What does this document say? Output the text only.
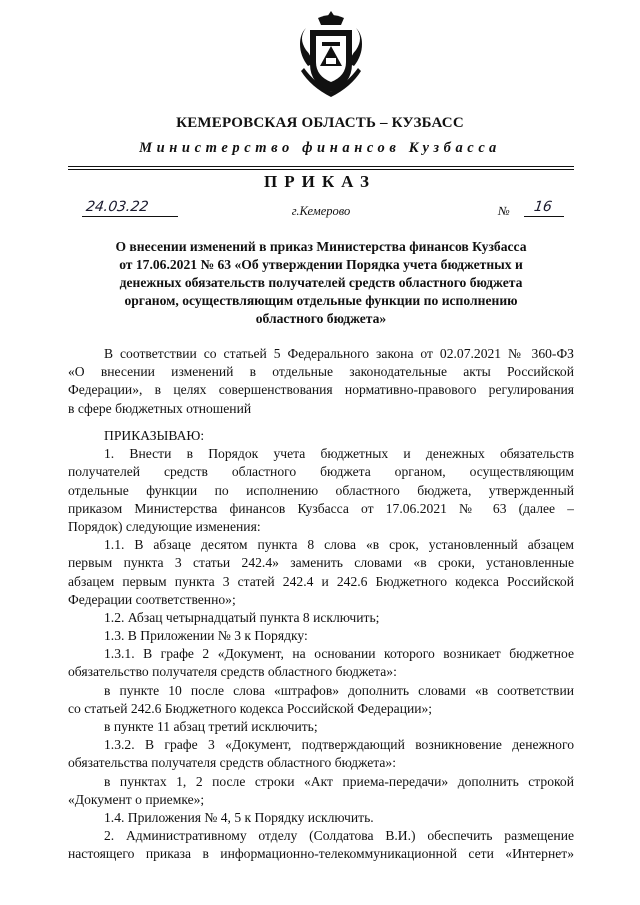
КЕМЕРОВСКАЯ ОБЛАСТЬ – КУЗБАСС
Министерство финансов Кузбасса
ПРИКАЗ
24.03.22	г.Кемерово	№ 16
О внесении изменений в приказ Министерства финансов Кузбасса
от 17.06.2021 № 63 «Об утверждении Порядка учета бюджетных и
денежных обязательств получателей средств областного бюджета
органом, осуществляющим отдельные функции по исполнению
областного бюджета»
В соответствии со статьей 5 Федерального закона от 02.07.2021 № 360-ФЗ
«О внесении изменений в отдельные законодательные акты Российской
Федерации», в целях совершенствования нормативно-правового регулирования
в сфере бюджетных отношений
ПРИКАЗЫВАЮ:
1. Внести в Порядок учета бюджетных и денежных обязательств
получателей средств областного бюджета органом, осуществляющим
отдельные функции по исполнению областного бюджета, утвержденный
приказом Министерства финансов Кузбасса от 17.06.2021 № 63 (далее –
Порядок) следующие изменения:
1.1. В абзаце десятом пункта 8 слова «в срок, установленный абзацем
первым пункта 3 статьи 242.4» заменить словами «в сроки, установленные
абзацем первым пункта 3 статей 242.4 и 242.6 Бюджетного кодекса Российской
Федерации соответственно»;
1.2. Абзац четырнадцатый пункта 8 исключить;
1.3. В Приложении № 3 к Порядку:
1.3.1. В графе 2 «Документ, на основании которого возникает бюджетное
обязательство получателя средств областного бюджета»:
в пункте 10 после слова «штрафов» дополнить словами «в соответствии
со статьей 242.6 Бюджетного кодекса Российской Федерации»;
в пункте 11 абзац третий исключить;
1.3.2. В графе 3 «Документ, подтверждающий возникновение денежного
обязательства получателя средств областного бюджета»:
в пунктах 1, 2 после строки «Акт приема-передачи» дополнить строкой
«Документ о приемке»;
1.4. Приложения № 4, 5 к Порядку исключить.
2. Административному отделу (Солдатова В.И.) обеспечить размещение
настоящего приказа в информационно-телекоммуникационной сети «Интернет»
